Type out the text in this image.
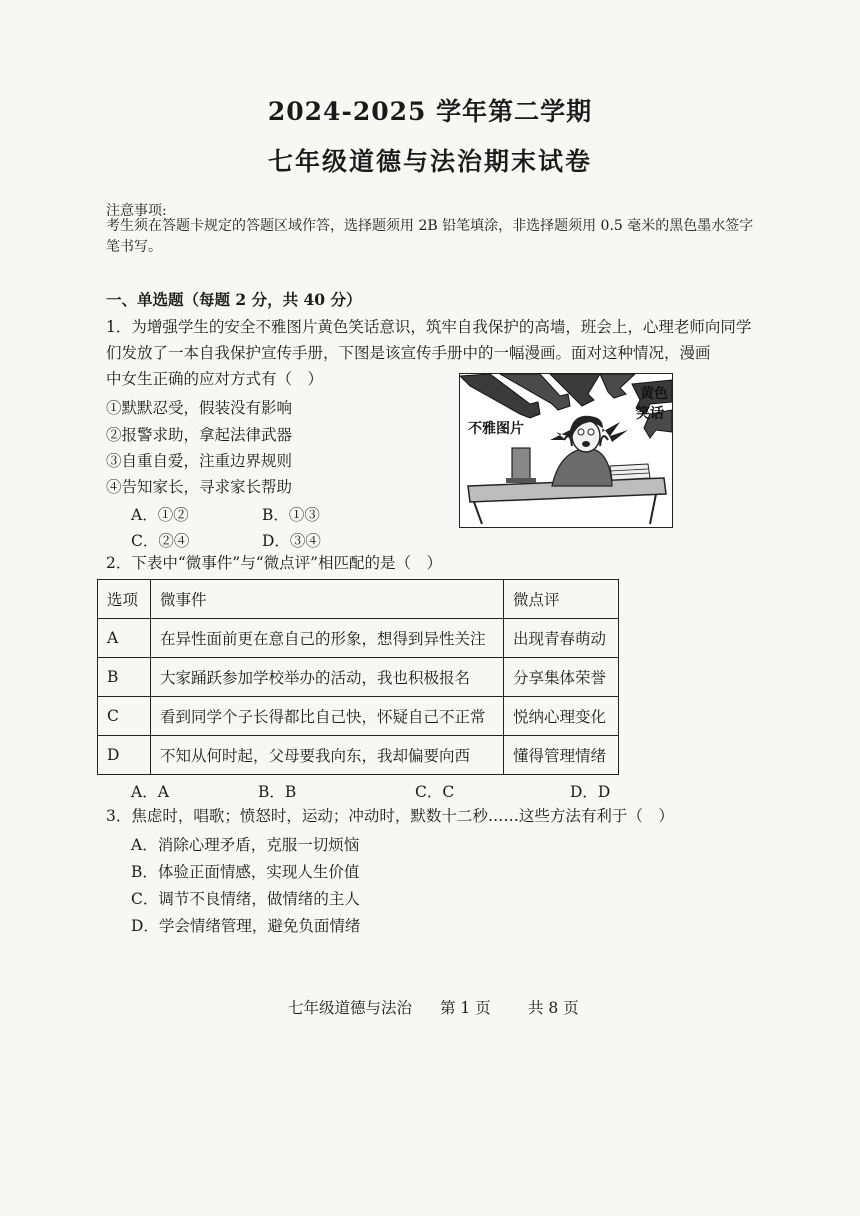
2024-2025 学年第二学期
七年级道德与法治期末试卷
注意事项:
考生须在答题卡规定的答题区域作答，选择题须用 2B 铅笔填涂，非选择题须用 0.5 毫米的黑色墨水签字笔书写。
一、单选题（每题 2 分，共 40 分）
1．为增强学生的安全不雅图片黄色笑话意识，筑牢自我保护的高墙，班会上，心理老师向同学们发放了一本自我保护宣传手册，下图是该宣传手册中的一幅漫画。面对这种情况，漫画
中女生正确的应对方式有（　）
①默默忍受，假装没有影响
②报警求助，拿起法律武器
③自重自爱，注重边界规则
④告知家长，寻求家长帮助
A．①②	B．①③
C．②④	D．③④
不雅图片
黄色
笑话
2．下表中“微事件”与“微点评”相匹配的是（　）
选项	微事件	微点评
A	在异性面前更在意自己的形象，想得到异性关注	出现青春萌动
B	大家踊跃参加学校举办的活动，我也积极报名	分享集体荣誉
C	看到同学个子长得都比自己快，怀疑自己不正常	悦纳心理变化
D	不知从何时起，父母要我向东，我却偏要向西	懂得管理情绪
A．A	B．B	C．C	D．D
3．焦虑时，唱歌；愤怒时，运动；冲动时，默数十二秒……这些方法有利于（　）
A．消除心理矛盾，克服一切烦恼
B．体验正面情感，实现人生价值
C．调节不良情绪，做情绪的主人
D．学会情绪管理，避免负面情绪
七年级道德与法治 第 1 页 共 8 页
